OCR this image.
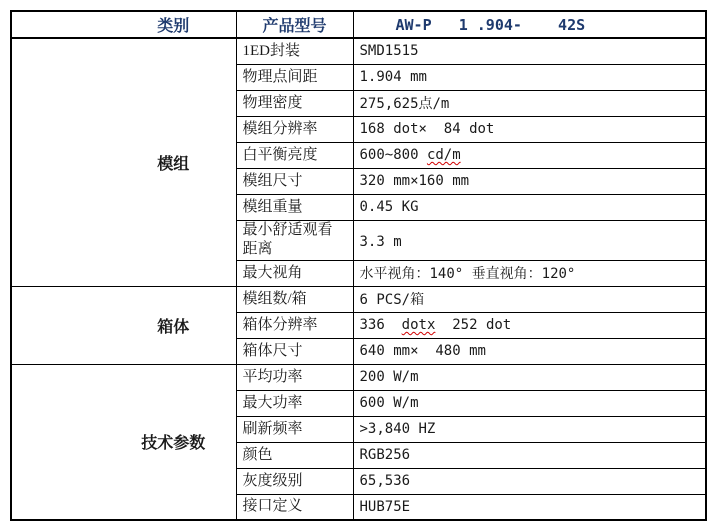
类别	产品型号	AW-P   1 .904-    42S
模组	1ED封装	SMD1515
	物理点间距	1.904 mm
	物理密度	275,625点/m
	模组分辨率	168 dot×  84 dot
	白平衡亮度	600~800 cd/m
	模组尺寸	320 mm×160 mm
	模组重量	0.45 KG
	最小舒适观看距离	3.3 m
	最大视角	水平视角：140° 垂直视角：120°
箱体	模组数/箱	6 PCS/箱
	箱体分辨率	336  dotx  252 dot
	箱体尺寸	640 mm×  480 mm
技术参数	平均功率	200 W/m
	最大功率	600 W/m
	刷新频率	>3,840 HZ
	颜色	RGB256
	灰度级别	65,536
	接口定义	HUB75E
